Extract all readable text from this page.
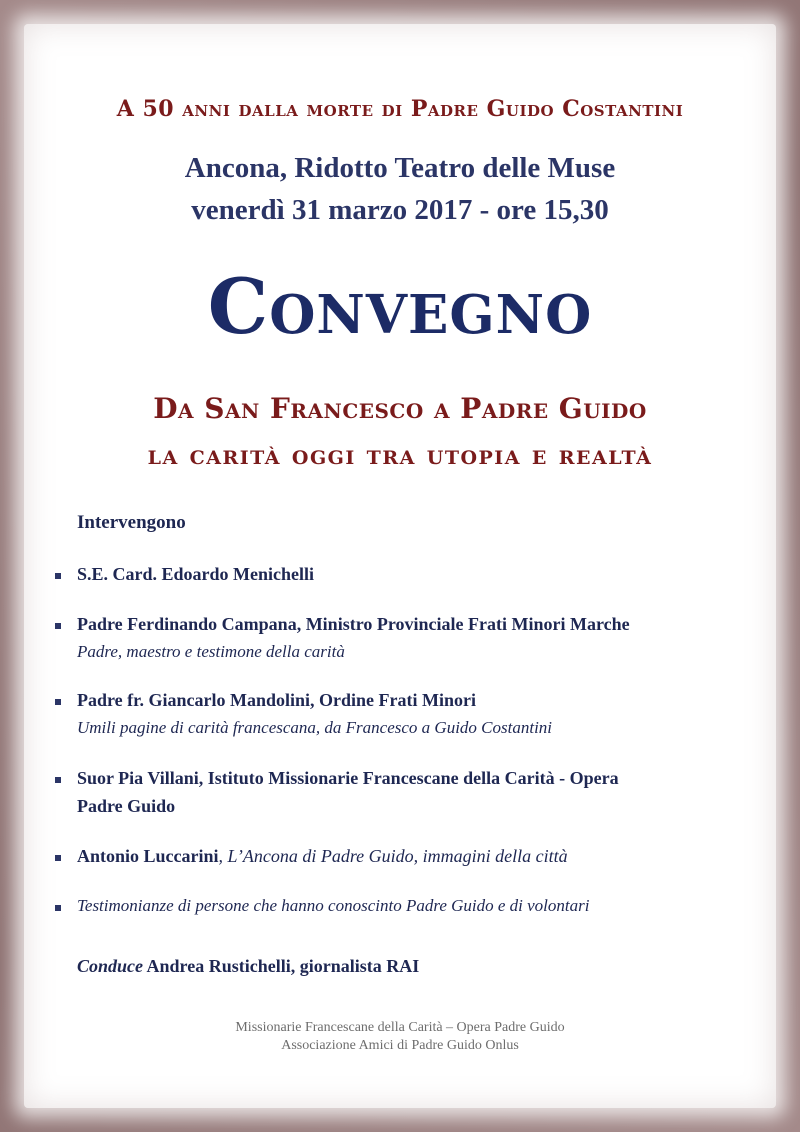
A 50 anni dalla morte di Padre Guido Costantini
Ancona, Ridotto Teatro delle Muse
venerdì 31 marzo 2017 - ore 15,30
Convegno
Da San Francesco a Padre Guido
la carità oggi tra utopia e realtà
Intervengono
S.E. Card. Edoardo Menichelli
Padre Ferdinando Campana, Ministro Provinciale Frati Minori Marche
Padre, maestro e testimone della carità
Padre fr. Giancarlo Mandolini, Ordine Frati Minori
Umili pagine di carità francescana, da Francesco a Guido Costantini
Suor Pia Villani, Istituto Missionarie Francescane della Carità - Opera
Padre Guido
Antonio Luccarini, L’Ancona di Padre Guido, immagini della città
Testimonianze di persone che hanno conoscinto Padre Guido e di volontari
Conduce Andrea Rustichelli, giornalista RAI
Missionarie Francescane della Carità – Opera Padre Guido
Associazione Amici di Padre Guido Onlus
